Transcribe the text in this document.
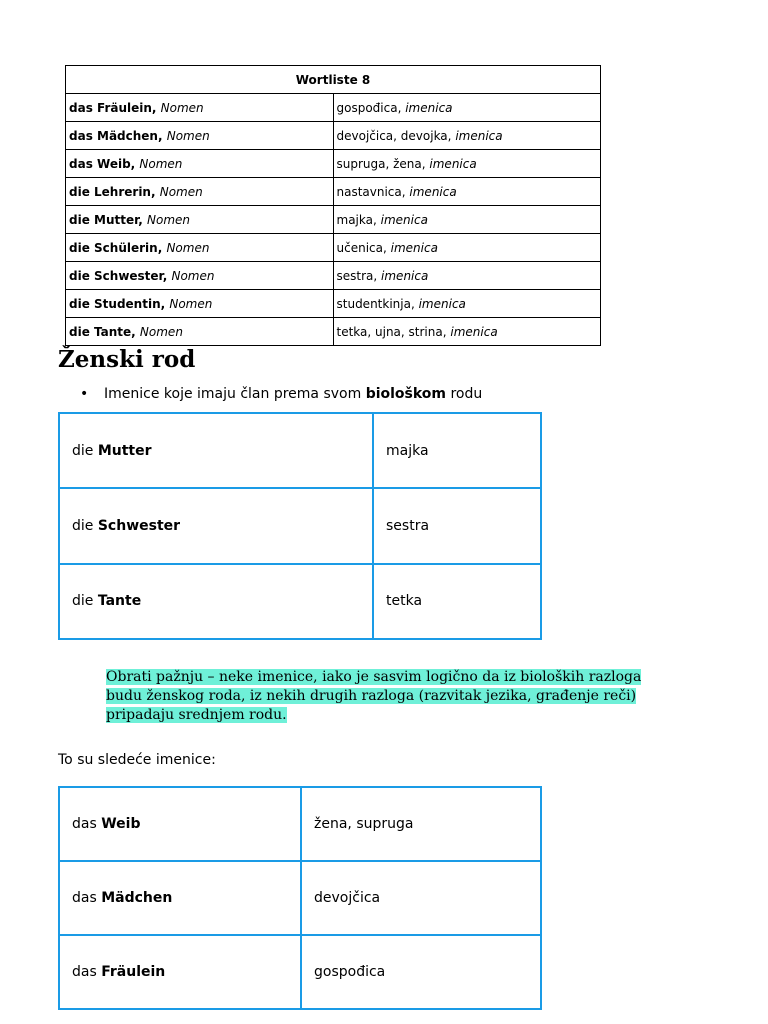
Wortliste 8	
das Fräulein, Nomen	gospođica, imenica
das Mädchen, Nomen	devojčica, devojka, imenica
das Weib, Nomen	supruga, žena, imenica
die Lehrerin, Nomen	nastavnica, imenica
die Mutter, Nomen	majka, imenica
die Schülerin, Nomen	učenica, imenica
die Schwester, Nomen	sestra, imenica
die Studentin, Nomen	studentkinja, imenica
die Tante, Nomen	tetka, ujna, strina, imenica
Ženski rod
• Imenice koje imaju član prema svom biološkom rodu
die Mutter	majka
die Schwester	sestra
die Tante	tetka

Obrati pažnju – neke imenice, iako je sasvim logično da iz bioloških razloga
budu ženskog roda, iz nekih drugih razloga (razvitak jezika, građenje reči)
pripadaju srednjem rodu.

To su sledeće imenice:
das Weib	žena, supruga
das Mädchen	devojčica
das Fräulein	gospođica
